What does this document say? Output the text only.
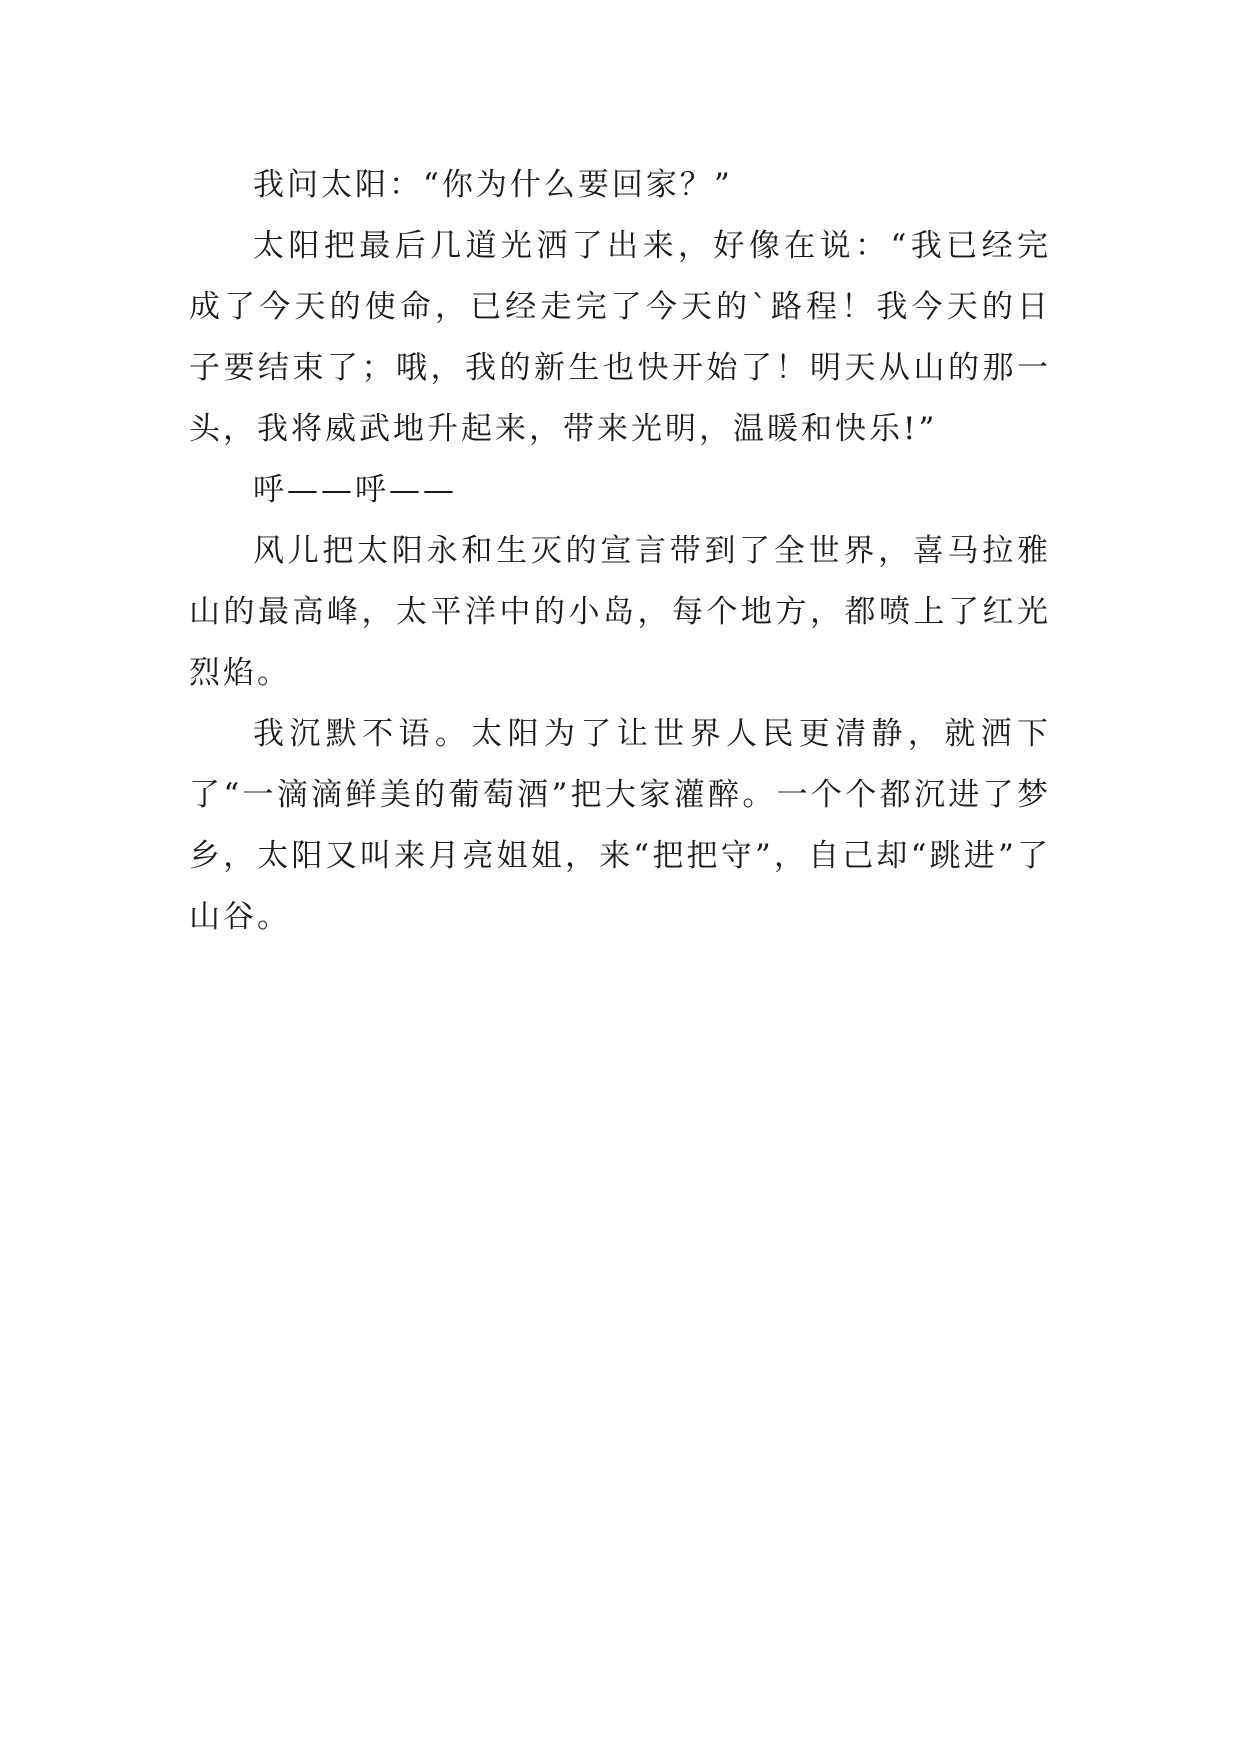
我问太阳：“你为什么要回家？”

太阳把最后几道光洒了出来，好像在说：“我已经完成了今天的使命，已经走完了今天的`路程！我今天的日子要结束了；哦，我的新生也快开始了！明天从山的那一头，我将威武地升起来，带来光明，温暖和快乐!”

呼——呼——

风儿把太阳永和生灭的宣言带到了全世界，喜马拉雅山的最高峰，太平洋中的小岛，每个地方，都喷上了红光烈焰。

我沉默不语。太阳为了让世界人民更清静，就洒下了“一滴滴鲜美的葡萄酒”把大家灌醉。一个个都沉进了梦乡，太阳又叫来月亮姐姐，来“把把守”，自己却“跳进”了山谷。
